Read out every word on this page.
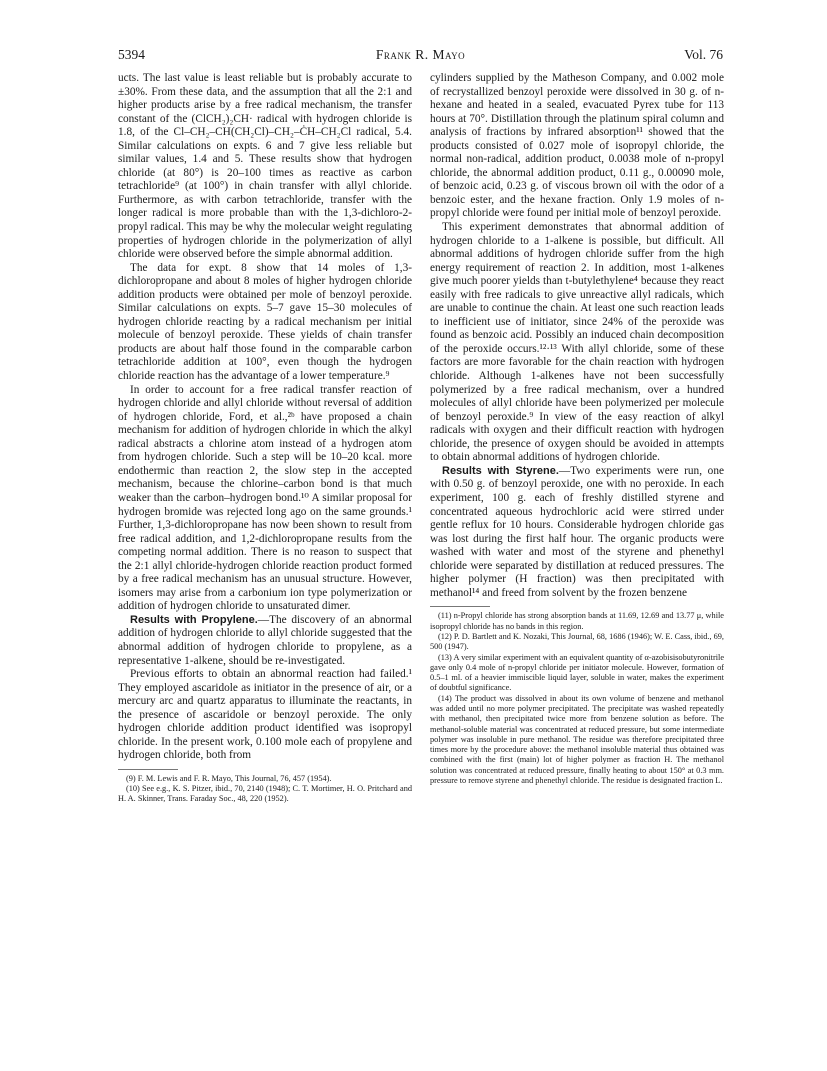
5394	Frank R. Mayo	Vol. 76

ucts. The last value is least reliable but is probably accurate to ±30%. From these data, and the assumption that all the 2:1 and higher products arise by a free radical mechanism, the transfer constant of the (ClCH₂)₂CH· radical with hydrogen chloride is 1.8, of the Cl–CH₂–CH(CH₂Cl)–CH₂–ĊH–CH₂Cl radical, 5.4. Similar calculations on expts. 6 and 7 give less reliable but similar values, 1.4 and 5. These results show that hydrogen chloride (at 80°) is 20–100 times as reactive as carbon tetrachloride⁹ (at 100°) in chain transfer with allyl chloride. Furthermore, as with carbon tetrachloride, transfer with the longer radical is more probable than with the 1,3-dichloro-2-propyl radical. This may be why the molecular weight regulating properties of hydrogen chloride in the polymerization of allyl chloride were observed before the simple abnormal addition.

The data for expt. 8 show that 14 moles of 1,3-dichloropropane and about 8 moles of higher hydrogen chloride addition products were obtained per mole of benzoyl peroxide. Similar calculations on expts. 5–7 gave 15–30 molecules of hydrogen chloride reacting by a radical mechanism per initial molecule of benzoyl peroxide. These yields of chain transfer products are about half those found in the comparable carbon tetrachloride addition at 100°, even though the hydrogen chloride reaction has the advantage of a lower temperature.⁹

In order to account for a free radical transfer reaction of hydrogen chloride and allyl chloride without reversal of addition of hydrogen chloride, Ford, et al.,²ᵇ have proposed a chain mechanism for addition of hydrogen chloride in which the alkyl radical abstracts a chlorine atom instead of a hydrogen atom from hydrogen chloride. Such a step will be 10–20 kcal. more endothermic than reaction 2, the slow step in the accepted mechanism, because the chlorine–carbon bond is that much weaker than the carbon–hydrogen bond.¹⁰ A similar proposal for hydrogen bromide was rejected long ago on the same grounds.¹ Further, 1,3-dichloropropane has now been shown to result from free radical addition, and 1,2-dichloropropane results from the competing normal addition. There is no reason to suspect that the 2:1 allyl chloride-hydrogen chloride reaction product formed by a free radical mechanism has an unusual structure. However, isomers may arise from a carbonium ion type polymerization or addition of hydrogen chloride to unsaturated dimer.

Results with Propylene.—The discovery of an abnormal addition of hydrogen chloride to allyl chloride suggested that the abnormal addition of hydrogen chloride to propylene, as a representative 1-alkene, should be re-investigated.

Previous efforts to obtain an abnormal reaction had failed.¹ They employed ascaridole as initiator in the presence of air, or a mercury arc and quartz apparatus to illuminate the reactants, in the presence of ascaridole or benzoyl peroxide. The only hydrogen chloride addition product identified was isopropyl chloride. In the present work, 0.100 mole each of propylene and hydrogen chloride, both from

(9) F. M. Lewis and F. R. Mayo, This Journal, 76, 457 (1954).

(10) See e.g., K. S. Pitzer, ibid., 70, 2140 (1948); C. T. Mortimer, H. O. Pritchard and H. A. Skinner, Trans. Faraday Soc., 48, 220 (1952).

cylinders supplied by the Matheson Company, and 0.002 mole of recrystallized benzoyl peroxide were dissolved in 30 g. of n-hexane and heated in a sealed, evacuated Pyrex tube for 113 hours at 70°. Distillation through the platinum spiral column and analysis of fractions by infrared absorption¹¹ showed that the products consisted of 0.027 mole of isopropyl chloride, the normal non-radical, addition product, 0.0038 mole of n-propyl chloride, the abnormal addition product, 0.11 g., 0.00090 mole, of benzoic acid, 0.23 g. of viscous brown oil with the odor of a benzoic ester, and the hexane fraction. Only 1.9 moles of n-propyl chloride were found per initial mole of benzoyl peroxide.

This experiment demonstrates that abnormal addition of hydrogen chloride to a 1-alkene is possible, but difficult. All abnormal additions of hydrogen chloride suffer from the high energy requirement of reaction 2. In addition, most 1-alkenes give much poorer yields than t-butylethylene⁴ because they react easily with free radicals to give unreactive allyl radicals, which are unable to continue the chain. At least one such reaction leads to inefficient use of initiator, since 24% of the peroxide was found as benzoic acid. Possibly an induced chain decomposition of the peroxide occurs.¹²·¹³ With allyl chloride, some of these factors are more favorable for the chain reaction with hydrogen chloride. Although 1-alkenes have not been successfully polymerized by a free radical mechanism, over a hundred molecules of allyl chloride have been polymerized per molecule of benzoyl peroxide.⁹ In view of the easy reaction of alkyl radicals with oxygen and their difficult reaction with hydrogen chloride, the presence of oxygen should be avoided in attempts to obtain abnormal additions of hydrogen chloride.

Results with Styrene.—Two experiments were run, one with 0.50 g. of benzoyl peroxide, one with no peroxide. In each experiment, 100 g. each of freshly distilled styrene and concentrated aqueous hydrochloric acid were stirred under gentle reflux for 10 hours. Considerable hydrogen chloride gas was lost during the first half hour. The organic products were washed with water and most of the styrene and phenethyl chloride were separated by distillation at reduced pressures. The higher polymer (H fraction) was then precipitated with methanol¹⁴ and freed from solvent by the frozen benzene

(11) n-Propyl chloride has strong absorption bands at 11.69, 12.69 and 13.77 μ, while isopropyl chloride has no bands in this region.

(12) P. D. Bartlett and K. Nozaki, This Journal, 68, 1686 (1946); W. E. Cass, ibid., 69, 500 (1947).

(13) A very similar experiment with an equivalent quantity of α-azobisisobutyronitrile gave only 0.4 mole of n-propyl chloride per initiator molecule. However, formation of 0.5–1 ml. of a heavier immiscible liquid layer, soluble in water, makes the experiment of doubtful significance.

(14) The product was dissolved in about its own volume of benzene and methanol was added until no more polymer precipitated. The precipitate was washed repeatedly with methanol, then precipitated twice more from benzene solution as before. The methanol-soluble material was concentrated at reduced pressure, but some intermediate polymer was insoluble in pure methanol. The residue was therefore precipitated three times more by the procedure above: the methanol insoluble material thus obtained was combined with the first (main) lot of higher polymer as fraction H. The methanol solution was concentrated at reduced pressure, finally heating to about 150° at 0.3 mm. pressure to remove styrene and phenethyl chloride. The residue is designated fraction L.
